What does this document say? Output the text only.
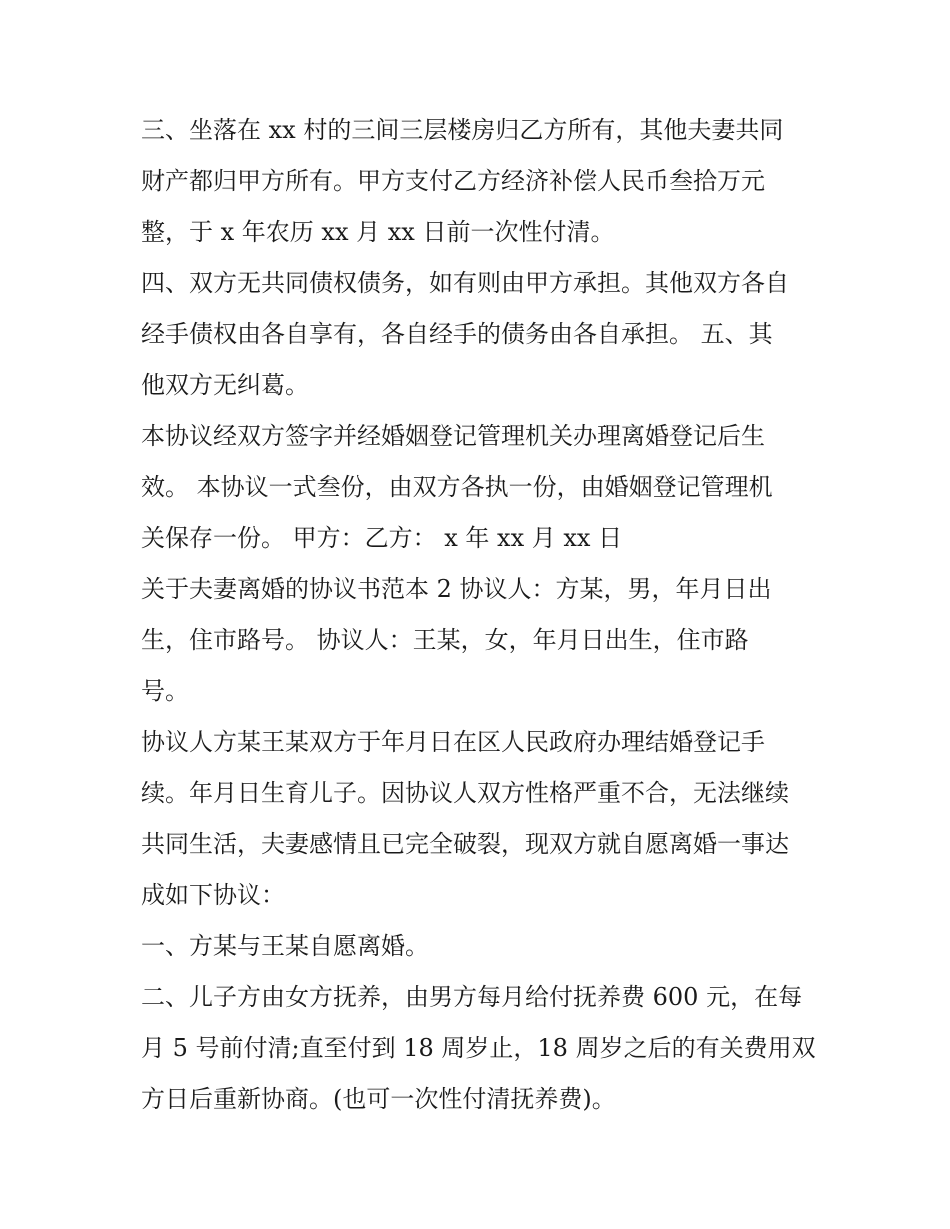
三、坐落在 xx 村的三间三层楼房归乙方所有，其他夫妻共同
财产都归甲方所有。甲方支付乙方经济补偿人民币叁拾万元
整，于 x 年农历 xx 月 xx 日前一次性付清。

四、双方无共同债权债务，如有则由甲方承担。其他双方各自
经手债权由各自享有，各自经手的债务由各自承担。 五、其
他双方无纠葛。

本协议经双方签字并经婚姻登记管理机关办理离婚登记后生
效。 本协议一式叁份，由双方各执一份，由婚姻登记管理机
关保存一份。 甲方：乙方： x 年 xx 月 xx 日

关于夫妻离婚的协议书范本 2 协议人：方某，男，年月日出
生，住市路号。 协议人：王某，女，年月日出生，住市路
号。

协议人方某王某双方于年月日在区人民政府办理结婚登记手
续。年月日生育儿子。因协议人双方性格严重不合，无法继续
共同生活，夫妻感情且已完全破裂，现双方就自愿离婚一事达
成如下协议：

一、方某与王某自愿离婚。

二、儿子方由女方抚养，由男方每月给付抚养费 600 元，在每
月 5 号前付清;直至付到 18 周岁止，18 周岁之后的有关费用双
方日后重新协商。(也可一次性付清抚养费)。
